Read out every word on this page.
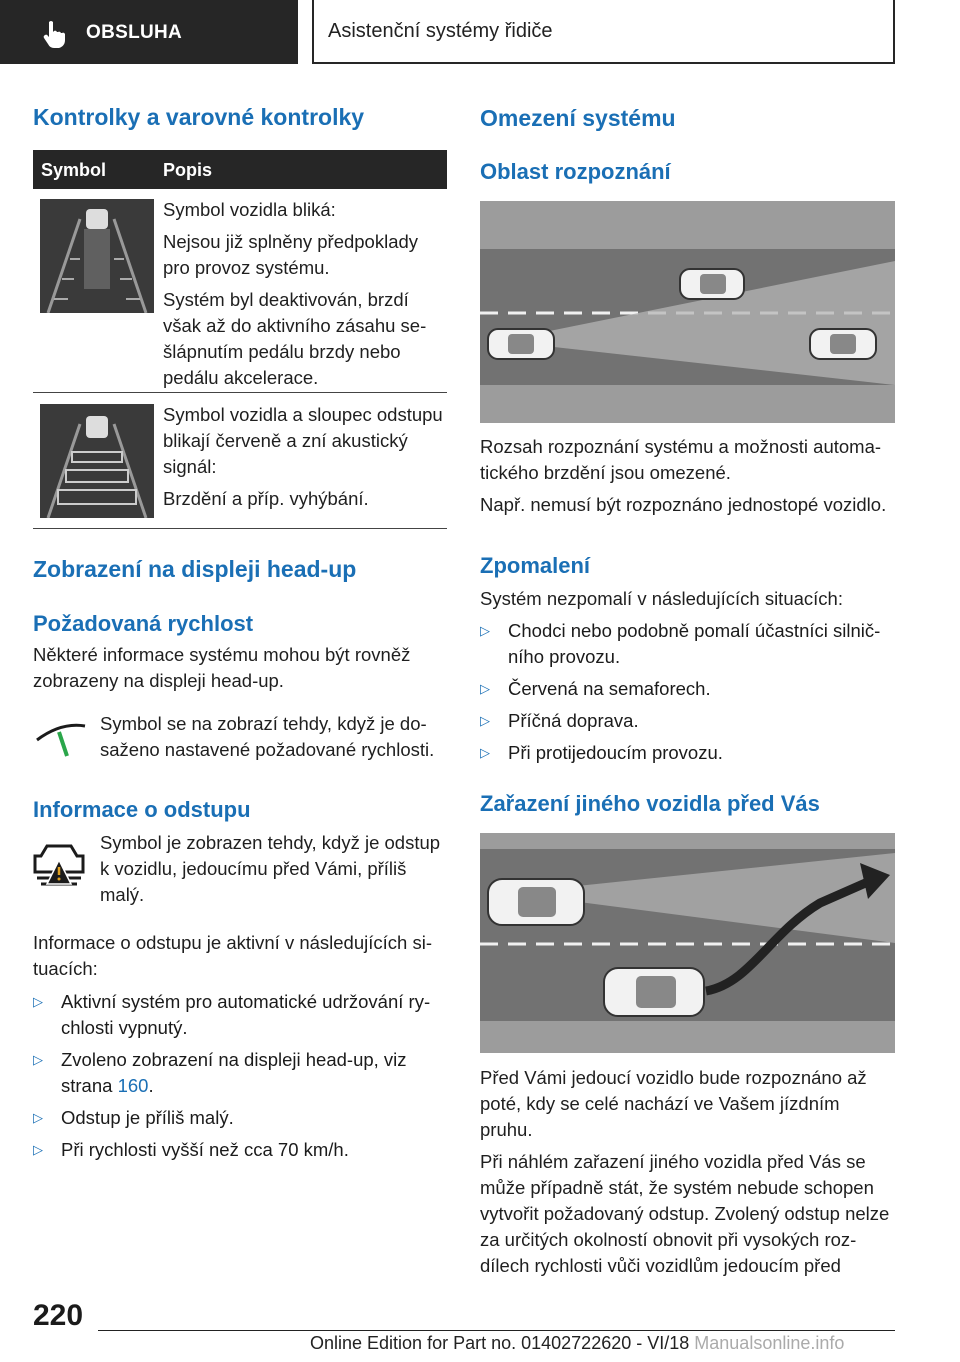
OBSLUHA	Asistenční systémy řidiče
Kontrolky a varovné kontrolky
Symbol	Popis

Symbol vozidla bliká:

Nejsou již splněny předpoklady pro provoz systému.

Systém byl deaktivován, brzdí však až do aktivního zásahu sešlápnutím pedálu brzdy nebo pedálu akcelerace.

Symbol vozidla a sloupec odstupu blikají červeně a zní akustický signál:

Brzdění a příp. vyhýbání.

Zobrazení na displeji head-up
Požadovaná rychlost
Některé informace systému mohou být rovněž zobrazeny na displeji head-up.
Symbol se na zobrazí tehdy, když je dosaženo nastavené požadované rychlosti.
Informace o odstupu
Symbol je zobrazen tehdy, když je odstup k vozidlu, jedoucímu před Vámi, příliš malý.
Informace o odstupu je aktivní v následujících situacích:
▷ Aktivní systém pro automatické udržování rychlosti vypnutý.
▷ Zvoleno zobrazení na displeji head-up, viz strana 160.
▷ Odstup je příliš malý.
▷ Při rychlosti vyšší než cca 70 km/h.
Omezení systému
Oblast rozpoznání

Rozsah rozpoznání systému a možnosti automatického brzdění jsou omezené.

Např. nemusí být rozpoznáno jednostopé vozidlo.

Zpomalení
Systém nezpomalí v následujících situacích:
▷ Chodci nebo podobně pomalí účastníci silničního provozu.
▷ Červená na semaforech.
▷ Příčná doprava.
▷ Při protijedoucím provozu.
Zařazení jiného vozidla před Vás

Před Vámi jedoucí vozidlo bude rozpoznáno až poté, kdy se celé nachází ve Vašem jízdním pruhu.

Při náhlém zařazení jiného vozidla před Vás se může případně stát, že systém nebude schopen vytvořit požadovaný odstup. Zvolený odstup nelze za určitých okolností obnovit při vysokých rozdílech rychlosti vůči vozidlům jedoucím před

220
Online Edition for Part no. 01402722620 - VI/18 Manualsonline.info
